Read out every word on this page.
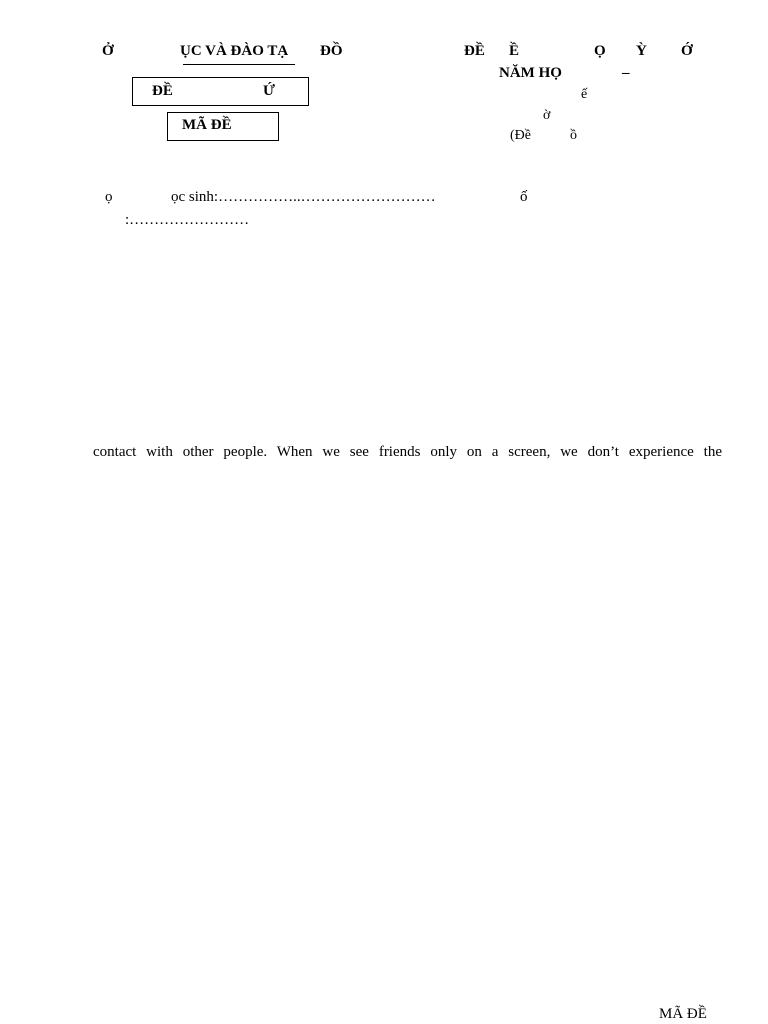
Ở	ỤC VÀ ĐÀO TẠ ĐỒ	ĐỀ Ề	Ọ Ỳ Ớ
NĂM HỌ	–
ế
ờ
(Đề	ồ
ĐỀ	Ứ
MÃ ĐỀ
ọ	ọc sinh:……………..………………………	ố
:……………………
contact with other people. When we see friends only on a screen, we don’t experience the
MÃ ĐỀ
